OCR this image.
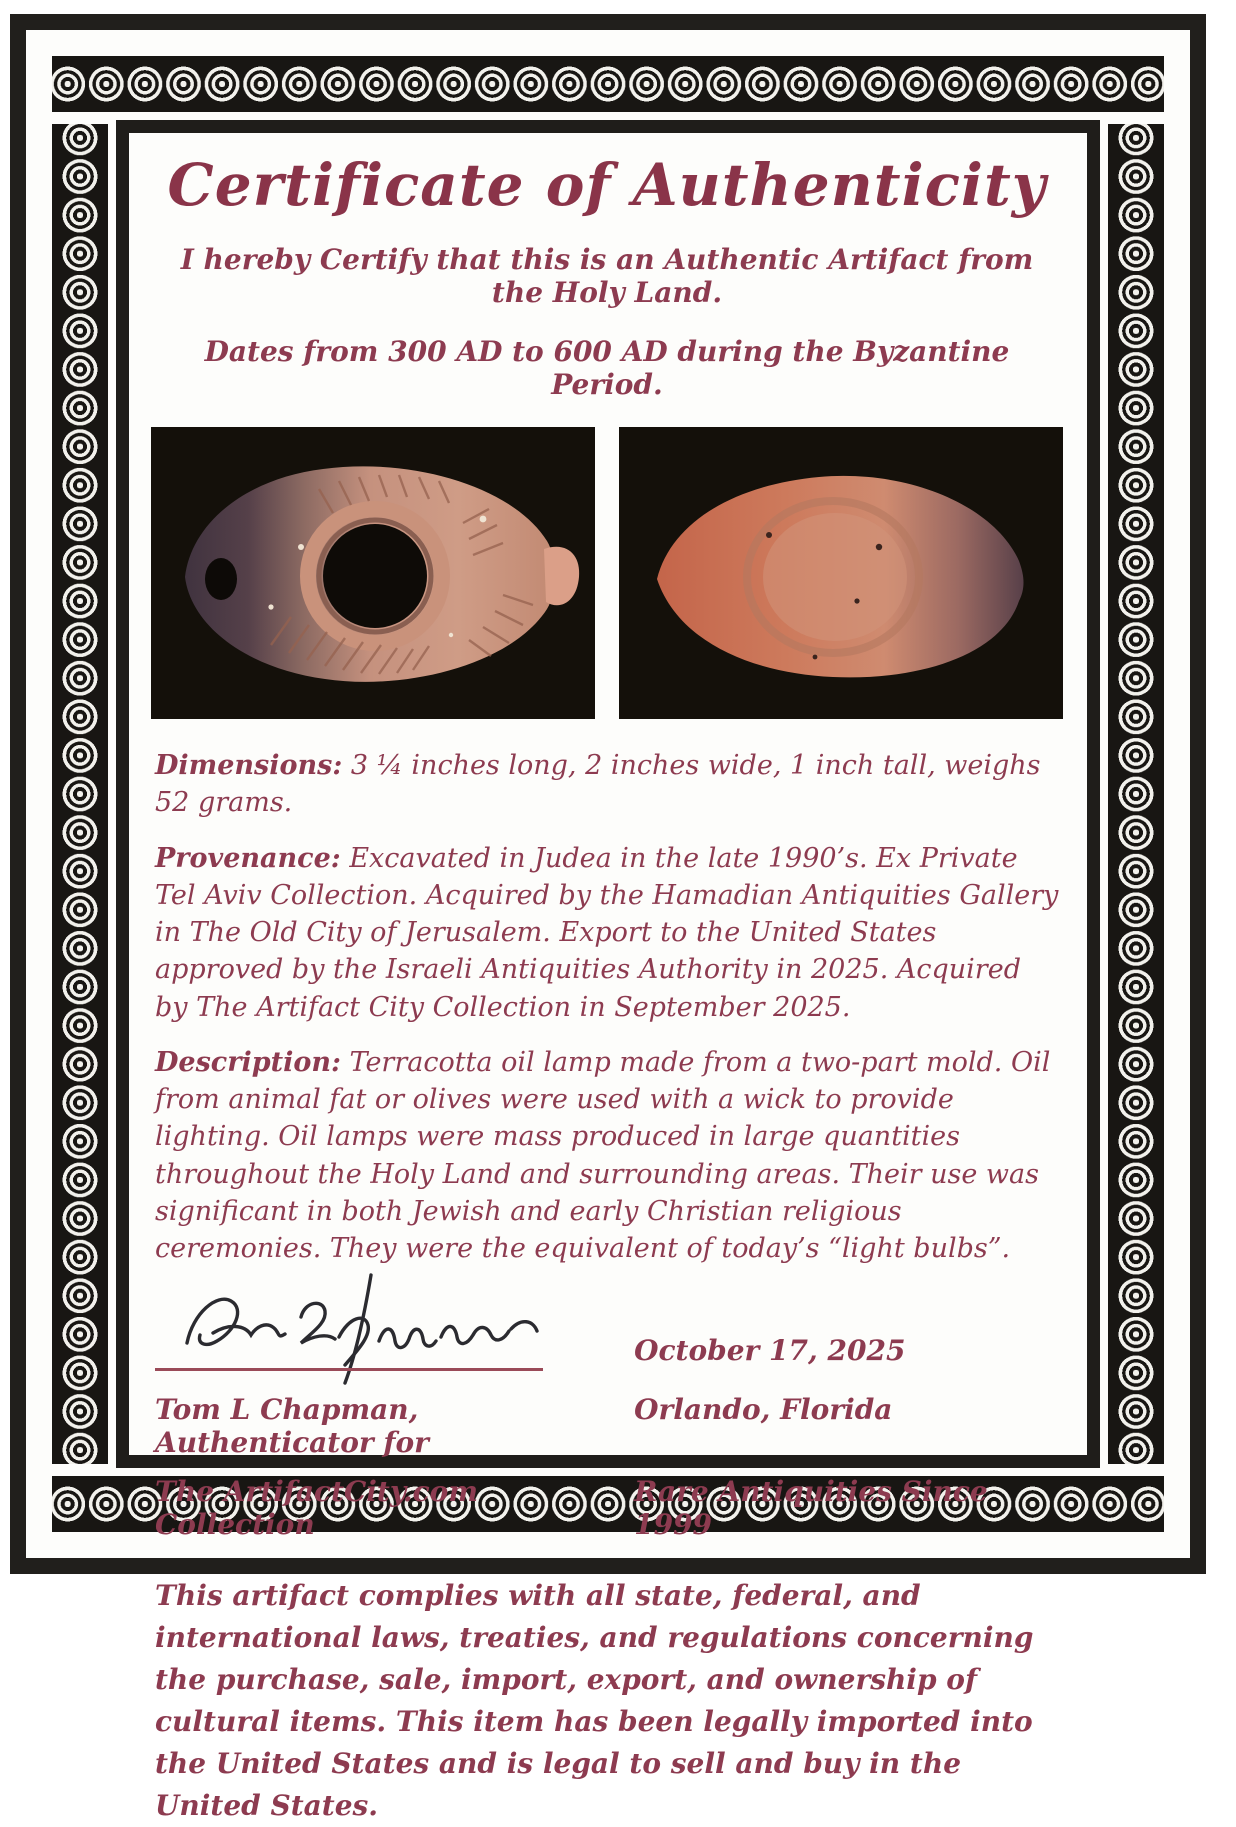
Certificate of Authenticity
I hereby Certify that this is an Authentic Artifact from the Holy Land.
Dates from 300 AD to 600 AD during the Byzantine Period.

Dimensions: 3 ¼ inches long, 2 inches wide, 1 inch tall, weighs 52 grams.

Provenance: Excavated in Judea in the late 1990’s. Ex Private Tel Aviv Collection. Acquired by the Hamadian Antiquities Gallery in The Old City of Jerusalem. Export to the United States approved by the Israeli Antiquities Authority in 2025. Acquired by The Artifact City Collection in September 2025.

Description: Terracotta oil lamp made from a two-part mold. Oil from animal fat or olives were used with a wick to provide lighting. Oil lamps were mass produced in large quantities throughout the Holy Land and surrounding areas. Their use was significant in both Jewish and early Christian religious ceremonies. They were the equivalent of today’s “light bulbs”.

October 17, 2025
Tom L Chapman, Authenticator for
Orlando, Florida
The ArtifactCity.com Collection
Rare Antiquities Since 1999

This artifact complies with all state, federal, and international laws, treaties, and regulations concerning the purchase, sale, import, export, and ownership of cultural items. This item has been legally imported into the United States and is legal to sell and buy in the United States.
